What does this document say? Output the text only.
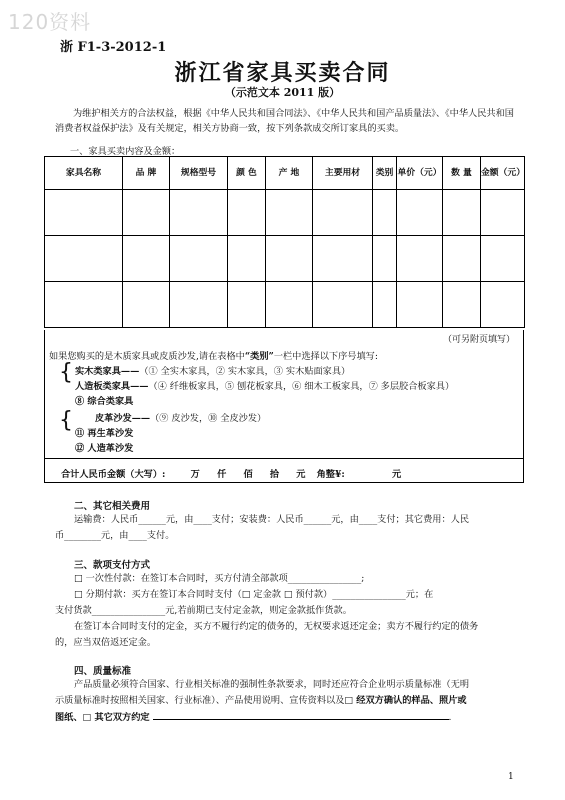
120资料
浙 F1-3-2012-1
浙江省家具买卖合同
（示范文本 2011 版）
为维护相关方的合法权益，根据《中华人民共和国合同法》、《中华人民共和国产品质量法》、《中华人民共和国消费者权益保护法》及有关规定，相关方协商一致，按下列条款成交所订家具的买卖。
一、家具买卖内容及金额：
家具名称	品 牌	规格型号	颜 色	产 地	主要用材	类别	单价（元）	数 量	金额（元）

（可另附页填写）
如果您购买的是木质家具或皮质沙发,请在表格中“类别”一栏中选择以下序号填写:
{ 实木类家具——（① 全实木家具，② 实木家具，③ 实木贴面家具）
人造板类家具——（④ 纤维板家具，⑤ 刨花板家具，⑥ 细木工板家具，⑦ 多层胶合板家具）
⑧ 综合类家具
{ 皮革沙发——（⑨ 皮沙发，⑩ 全皮沙发）
⑪ 再生革沙发
⑫ 人造革沙发
合计人民币金额（大写）:	万 仟 佰 拾 元 角整¥:	元
二、其它相关费用
运输费：人民币______元，由____支付；安装费：人民币______元，由____支付；其它费用：人民
币________元，由____支付。
三、款项支付方式
□ 一次性付款：在签订本合同时，买方付清全部款项________________;
□ 分期付款：买方在签订本合同时支付（□ 定金款 □ 预付款）________________元；在
支付货款________________元,若前期已支付定金款，则定金款抵作货款。
在签订本合同时支付的定金，买方不履行约定的债务的，无权要求返还定金；卖方不履行约定的债务
的，应当双倍返还定金。
四、质量标准
产品质量必须符合国家、行业相关标准的强制性条款要求，同时还应符合企业明示质量标准（无明
示质量标准时按照相关国家、行业标准）、产品使用说明、宣传资料以及□ 经双方确认的样品、照片或
图纸、□ 其它双方约定	.
1
